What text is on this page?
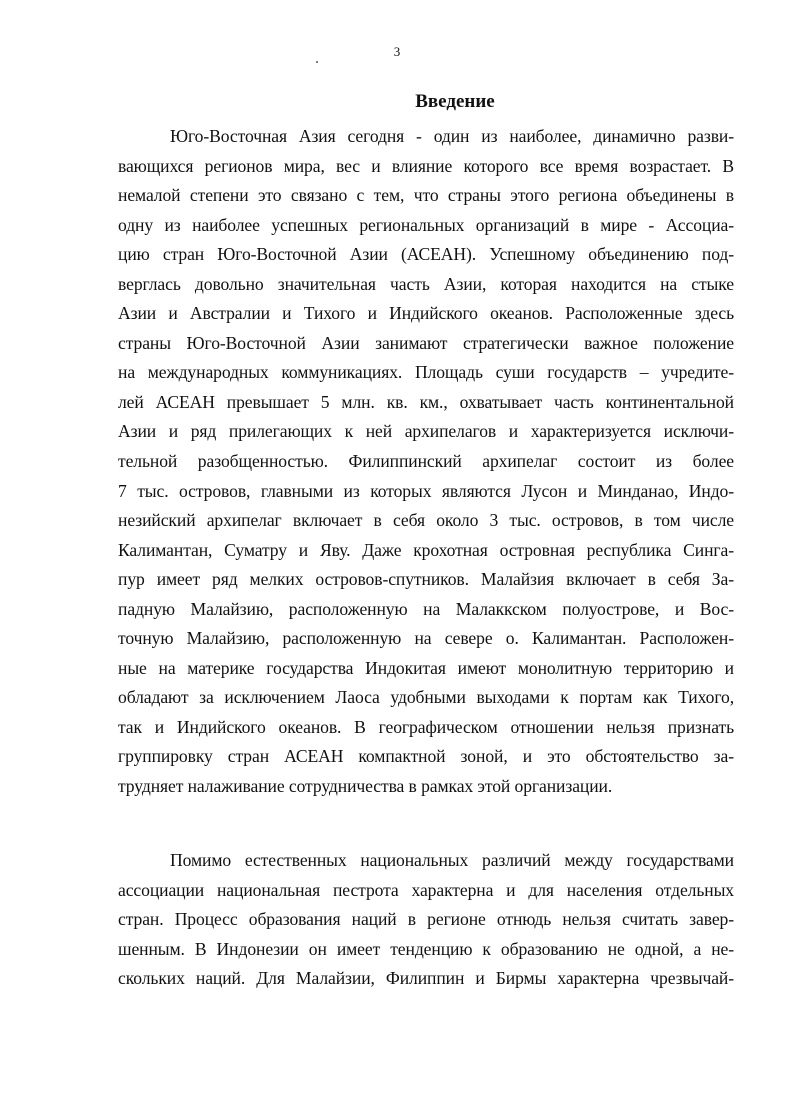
3
Введение
Юго-Восточная Азия сегодня - один из наиболее, динамично разви-
вающихся регионов мира, вес и влияние которого все время возрастает. В
немалой степени это связано с тем, что страны этого региона объединены в
одну из наиболее успешных региональных организаций в мире - Ассоциа-
цию стран Юго-Восточной Азии (АСЕАН). Успешному объединению под-
верглась довольно значительная часть Азии, которая находится на стыке
Азии и Австралии и Тихого и Индийского океанов. Расположенные здесь
страны Юго-Восточной Азии занимают стратегически важное положение
на международных коммуникациях. Площадь суши государств – учредите-
лей АСЕАН превышает 5 млн. кв. км., охватывает часть континентальной
Азии и ряд прилегающих к ней архипелагов и характеризуется исключи-
тельной разобщенностью. Филиппинский архипелаг состоит из более
7 тыс. островов, главными из которых являются Лусон и Минданао, Индо-
незийский архипелаг включает в себя около 3 тыс. островов, в том числе
Калимантан, Суматру и Яву. Даже крохотная островная республика Синга-
пур имеет ряд мелких островов-спутников. Малайзия включает в себя За-
падную Малайзию, расположенную на Малаккском полуострове, и Вос-
точную Малайзию, расположенную на севере о. Калимантан. Расположен-
ные на материке государства Индокитая имеют монолитную территорию и
обладают за исключением Лаоса удобными выходами к портам как Тихого,
так и Индийского океанов. В географическом отношении нельзя признать
группировку стран АСЕАН компактной зоной, и это обстоятельство за-
трудняет налаживание сотрудничества в рамках этой организации.
Помимо естественных национальных различий между государствами
ассоциации национальная пестрота характерна и для населения отдельных
стран. Процесс образования наций в регионе отнюдь нельзя считать завер-
шенным. В Индонезии он имеет тенденцию к образованию не одной, а не-
скольких наций. Для Малайзии, Филиппин и Бирмы характерна чрезвычай-
